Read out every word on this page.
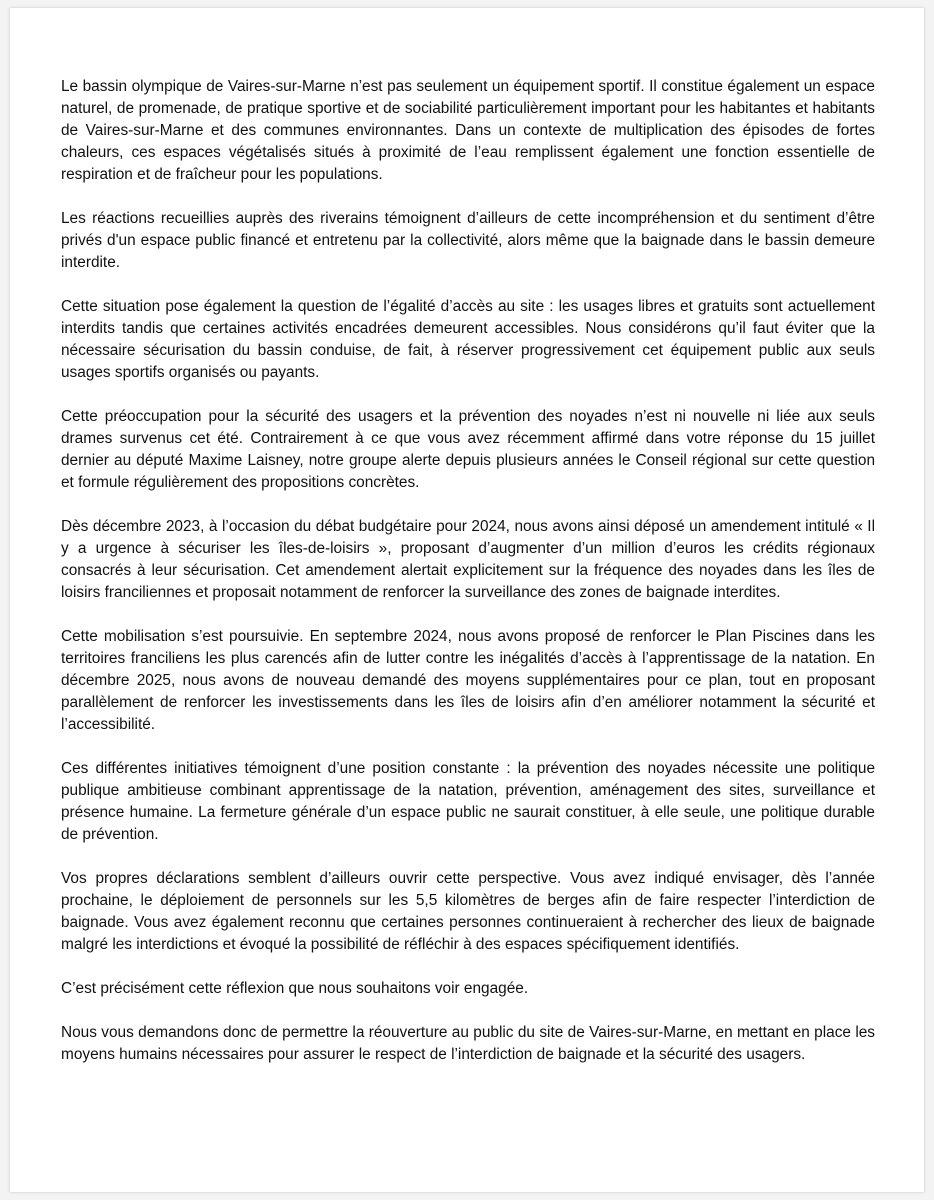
Le bassin olympique de Vaires-sur-Marne n’est pas seulement un équipement sportif. Il constitue également un espace naturel, de promenade, de pratique sportive et de sociabilité particulièrement important pour les habitantes et habitants de Vaires-sur-Marne et des communes environnantes. Dans un contexte de multiplication des épisodes de fortes chaleurs, ces espaces végétalisés situés à proximité de l’eau remplissent également une fonction essentielle de respiration et de fraîcheur pour les populations.

Les réactions recueillies auprès des riverains témoignent d’ailleurs de cette incompréhension et du sentiment d’être privés d'un espace public financé et entretenu par la collectivité, alors même que la baignade dans le bassin demeure interdite.

Cette situation pose également la question de l’égalité d’accès au site : les usages libres et gratuits sont actuellement interdits tandis que certaines activités encadrées demeurent accessibles. Nous considérons qu’il faut éviter que la nécessaire sécurisation du bassin conduise, de fait, à réserver progressivement cet équipement public aux seuls usages sportifs organisés ou payants.

Cette préoccupation pour la sécurité des usagers et la prévention des noyades n’est ni nouvelle ni liée aux seuls drames survenus cet été. Contrairement à ce que vous avez récemment affirmé dans votre réponse du 15 juillet dernier au député Maxime Laisney, notre groupe alerte depuis plusieurs années le Conseil régional sur cette question et formule régulièrement des propositions concrètes.

Dès décembre 2023, à l’occasion du débat budgétaire pour 2024, nous avons ainsi déposé un amendement intitulé « Il y a urgence à sécuriser les îles-de-loisirs », proposant d’augmenter d’un million d’euros les crédits régionaux consacrés à leur sécurisation. Cet amendement alertait explicitement sur la fréquence des noyades dans les îles de loisirs franciliennes et proposait notamment de renforcer la surveillance des zones de baignade interdites.

Cette mobilisation s’est poursuivie. En septembre 2024, nous avons proposé de renforcer le Plan Piscines dans les territoires franciliens les plus carencés afin de lutter contre les inégalités d’accès à l’apprentissage de la natation. En décembre 2025, nous avons de nouveau demandé des moyens supplémentaires pour ce plan, tout en proposant parallèlement de renforcer les investissements dans les îles de loisirs afin d’en améliorer notamment la sécurité et l’accessibilité.

Ces différentes initiatives témoignent d’une position constante : la prévention des noyades nécessite une politique publique ambitieuse combinant apprentissage de la natation, prévention, aménagement des sites, surveillance et présence humaine. La fermeture générale d’un espace public ne saurait constituer, à elle seule, une politique durable de prévention.

Vos propres déclarations semblent d’ailleurs ouvrir cette perspective. Vous avez indiqué envisager, dès l’année prochaine, le déploiement de personnels sur les 5,5 kilomètres de berges afin de faire respecter l’interdiction de baignade. Vous avez également reconnu que certaines personnes continueraient à rechercher des lieux de baignade malgré les interdictions et évoqué la possibilité de réfléchir à des espaces spécifiquement identifiés.

C’est précisément cette réflexion que nous souhaitons voir engagée.

Nous vous demandons donc de permettre la réouverture au public du site de Vaires-sur-Marne, en mettant en place les moyens humains nécessaires pour assurer le respect de l’interdiction de baignade et la sécurité des usagers.
